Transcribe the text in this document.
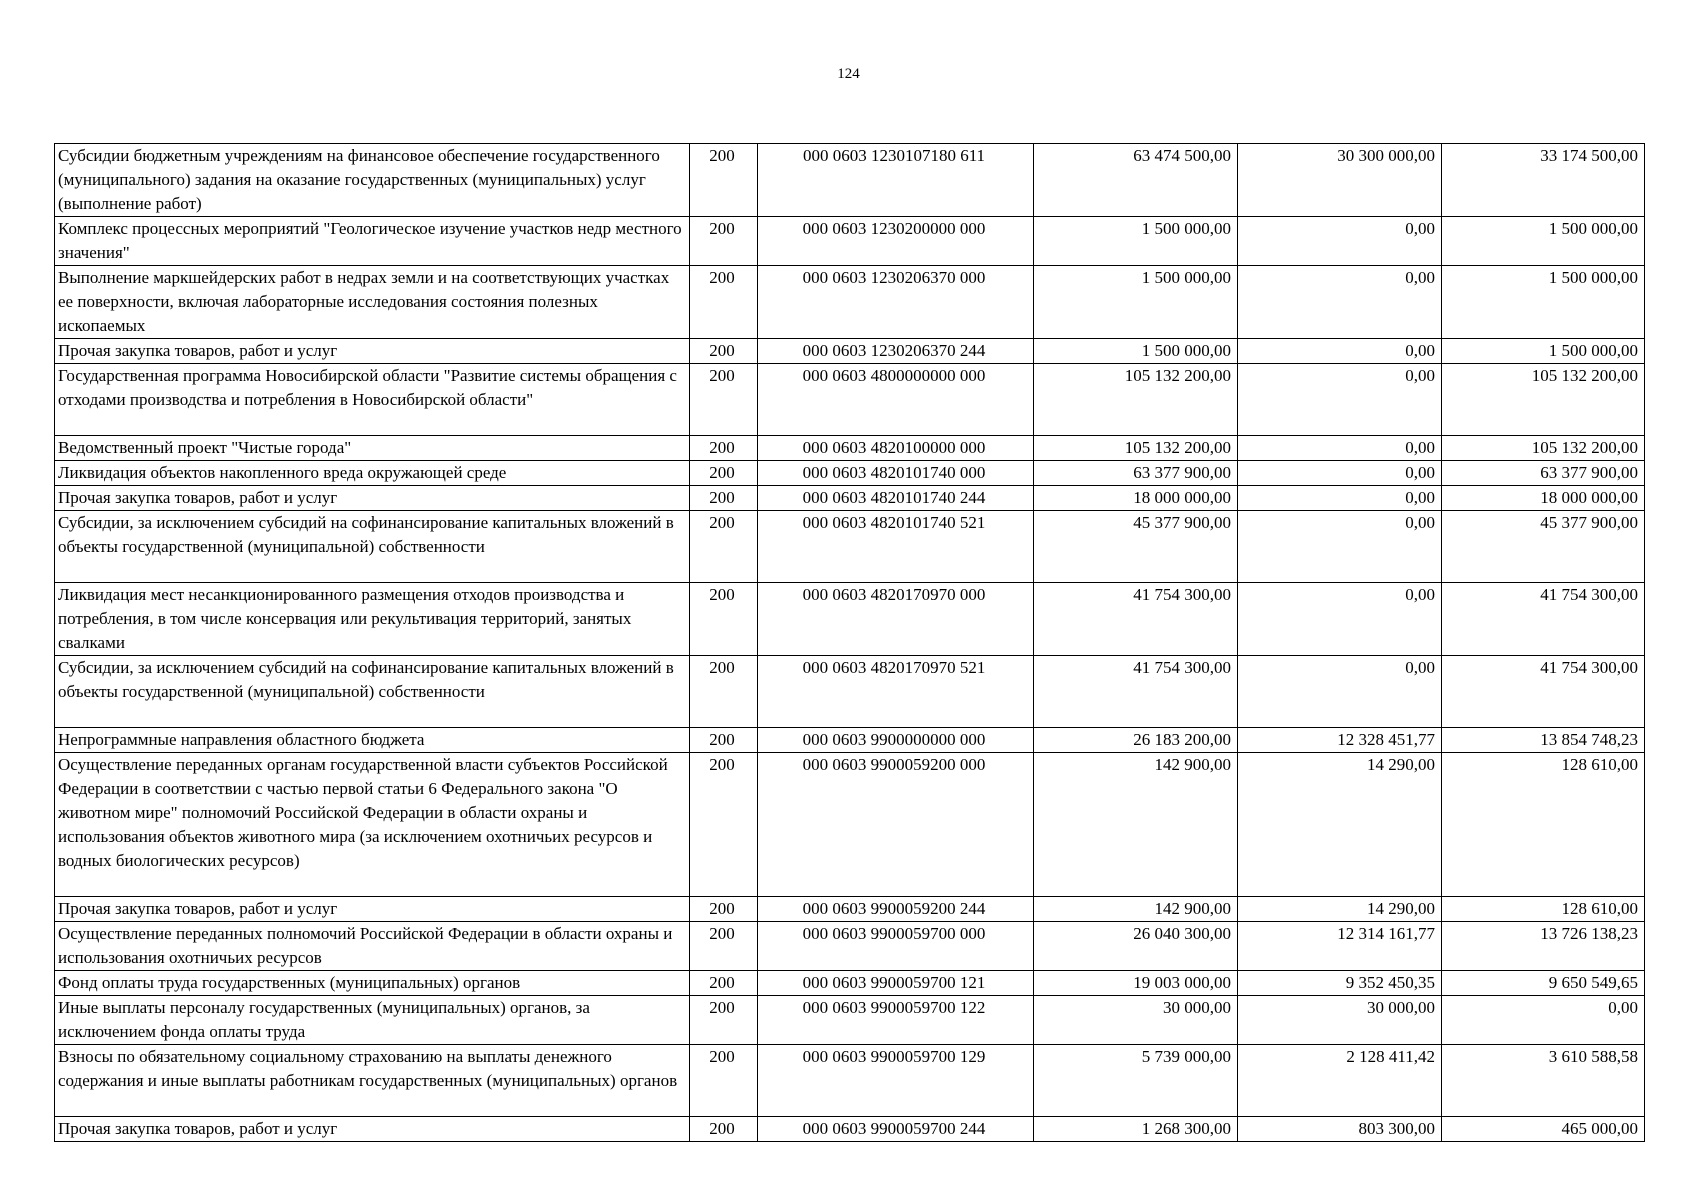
124
Субсидии бюджетным учреждениям на финансовое обеспечение государственного (муниципального) задания на оказание государственных (муниципальных) услуг (выполнение работ)	200	000 0603 1230107180 611	63 474 500,00	30 300 000,00	33 174 500,00
Комплекс процессных мероприятий "Геологическое изучение участков недр местного значения"	200	000 0603 1230200000 000	1 500 000,00	0,00	1 500 000,00
Выполнение маркшейдерских работ в недрах земли и на соответствующих участках ее поверхности, включая лабораторные исследования состояния полезных ископаемых	200	000 0603 1230206370 000	1 500 000,00	0,00	1 500 000,00
Прочая закупка товаров, работ и услуг	200	000 0603 1230206370 244	1 500 000,00	0,00	1 500 000,00
Государственная программа Новосибирской области "Развитие системы обращения с отходами производства и потребления в Новосибирской области"	200	000 0603 4800000000 000	105 132 200,00	0,00	105 132 200,00
Ведомственный проект "Чистые города"	200	000 0603 4820100000 000	105 132 200,00	0,00	105 132 200,00
Ликвидация объектов накопленного вреда окружающей среде	200	000 0603 4820101740 000	63 377 900,00	0,00	63 377 900,00
Прочая закупка товаров, работ и услуг	200	000 0603 4820101740 244	18 000 000,00	0,00	18 000 000,00
Субсидии, за исключением субсидий на софинансирование капитальных вложений в объекты государственной (муниципальной) собственности	200	000 0603 4820101740 521	45 377 900,00	0,00	45 377 900,00
Ликвидация мест несанкционированного размещения отходов производства и потребления, в том числе консервация или рекультивация территорий, занятых свалками	200	000 0603 4820170970 000	41 754 300,00	0,00	41 754 300,00
Субсидии, за исключением субсидий на софинансирование капитальных вложений в объекты государственной (муниципальной) собственности	200	000 0603 4820170970 521	41 754 300,00	0,00	41 754 300,00
Непрограммные направления областного бюджета	200	000 0603 9900000000 000	26 183 200,00	12 328 451,77	13 854 748,23
Осуществление переданных органам государственной власти субъектов Российской Федерации в соответствии с частью первой статьи 6 Федерального закона "О животном мире" полномочий Российской Федерации в области охраны и использования объектов животного мира (за исключением охотничьих ресурсов и водных биологических ресурсов)	200	000 0603 9900059200 000	142 900,00	14 290,00	128 610,00
Прочая закупка товаров, работ и услуг	200	000 0603 9900059200 244	142 900,00	14 290,00	128 610,00
Осуществление переданных полномочий Российской Федерации в области охраны и использования охотничьих ресурсов	200	000 0603 9900059700 000	26 040 300,00	12 314 161,77	13 726 138,23
Фонд оплаты труда государственных (муниципальных) органов	200	000 0603 9900059700 121	19 003 000,00	9 352 450,35	9 650 549,65
Иные выплаты персоналу государственных (муниципальных) органов, за исключением фонда оплаты труда	200	000 0603 9900059700 122	30 000,00	30 000,00	0,00
Взносы по обязательному социальному страхованию на выплаты денежного содержания и иные выплаты работникам государственных (муниципальных) органов	200	000 0603 9900059700 129	5 739 000,00	2 128 411,42	3 610 588,58
Прочая закупка товаров, работ и услуг	200	000 0603 9900059700 244	1 268 300,00	803 300,00	465 000,00
